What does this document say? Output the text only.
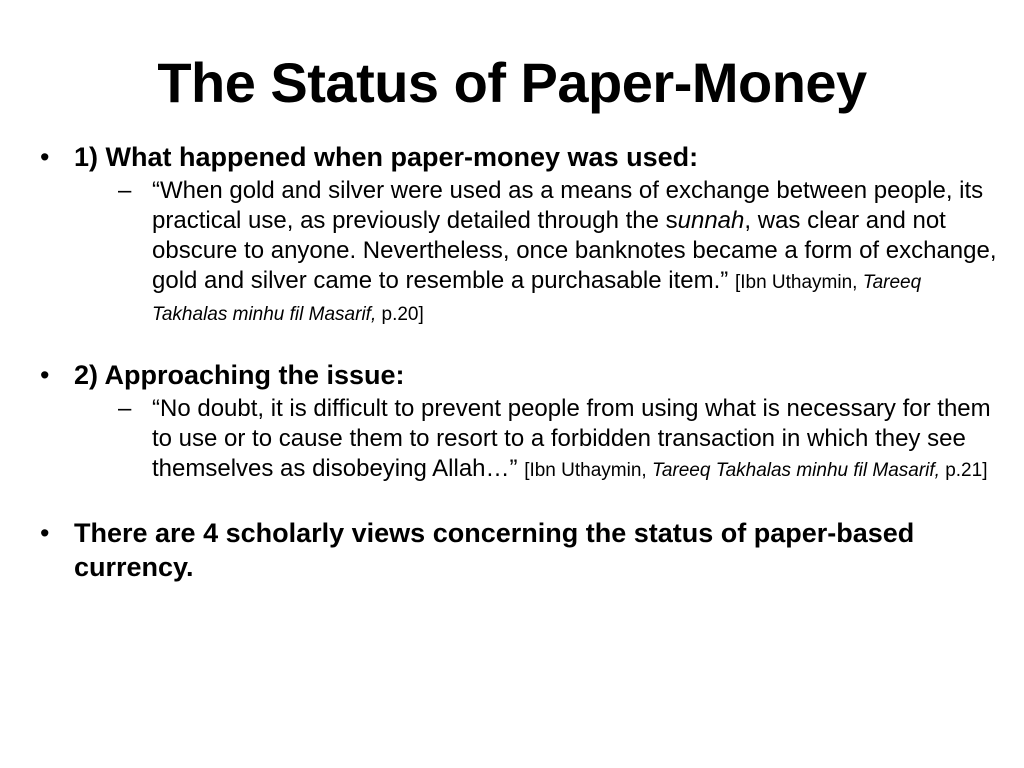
The Status of Paper-Money
• 1) What happened when paper-money was used:
– “When gold and silver were used as a means of exchange between people, its practical use, as previously detailed through the sunnah, was clear and not obscure to anyone. Nevertheless, once banknotes became a form of exchange, gold and silver came to resemble a purchasable item.” [Ibn Uthaymin, Tareeq Takhalas minhu fil Masarif, p.20]
• 2) Approaching the issue:
– “No doubt, it is difficult to prevent people from using what is necessary for them to use or to cause them to resort to a forbidden transaction in which they see themselves as disobeying Allah…” [Ibn Uthaymin, Tareeq Takhalas minhu fil Masarif, p.21]
• There are 4 scholarly views concerning the status of paper-based currency.
